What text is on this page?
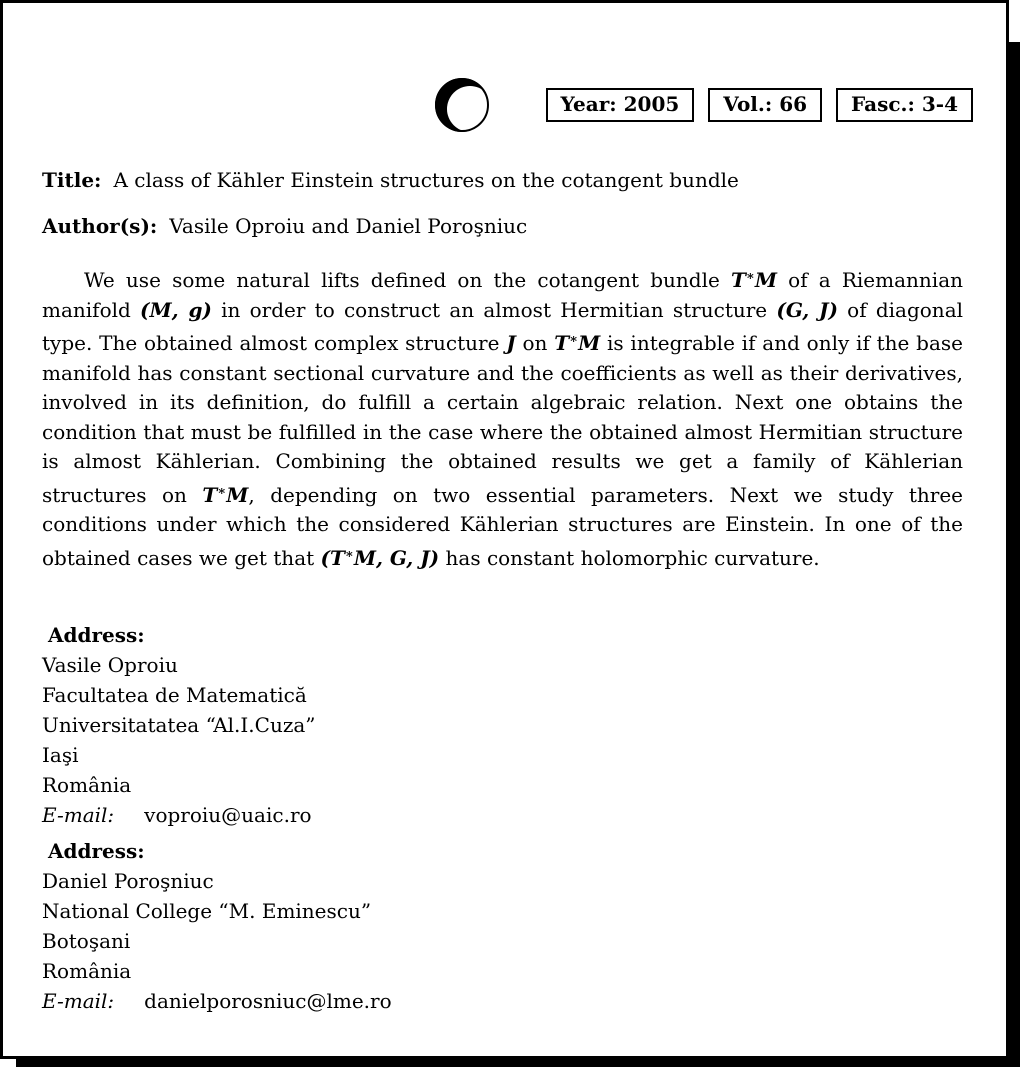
Year: 2005	Vol.: 66	Fasc.: 3-4
Title: A class of Kähler Einstein structures on the cotangent bundle
Author(s): Vasile Oproiu and Daniel Poroşniuc
We use some natural lifts defined on the cotangent bundle T∗M of a Riemannian manifold (M, g) in order to construct an almost Hermitian structure (G, J) of diagonal type. The obtained almost complex structure J on T∗M is integrable if and only if the base manifold has constant sectional curvature and the coefficients as well as their derivatives, involved in its definition, do fulfill a certain algebraic relation. Next one obtains the condition that must be fulfilled in the case where the obtained almost Hermitian structure is almost Kählerian. Combining the obtained results we get a family of Kählerian structures on T∗M, depending on two essential parameters. Next we study three conditions under which the considered Kählerian structures are Einstein. In one of the obtained cases we get that (T∗M, G, J) has constant holomorphic curvature.
Address:
Vasile Oproiu
Facultatea de Matematică
Universitatatea “Al.I.Cuza”
Iaşi
România
E-mail: voproiu@uaic.ro
Address:
Daniel Poroşniuc
National College “M. Eminescu”
Botoşani
România
E-mail: danielporosniuc@lme.ro
